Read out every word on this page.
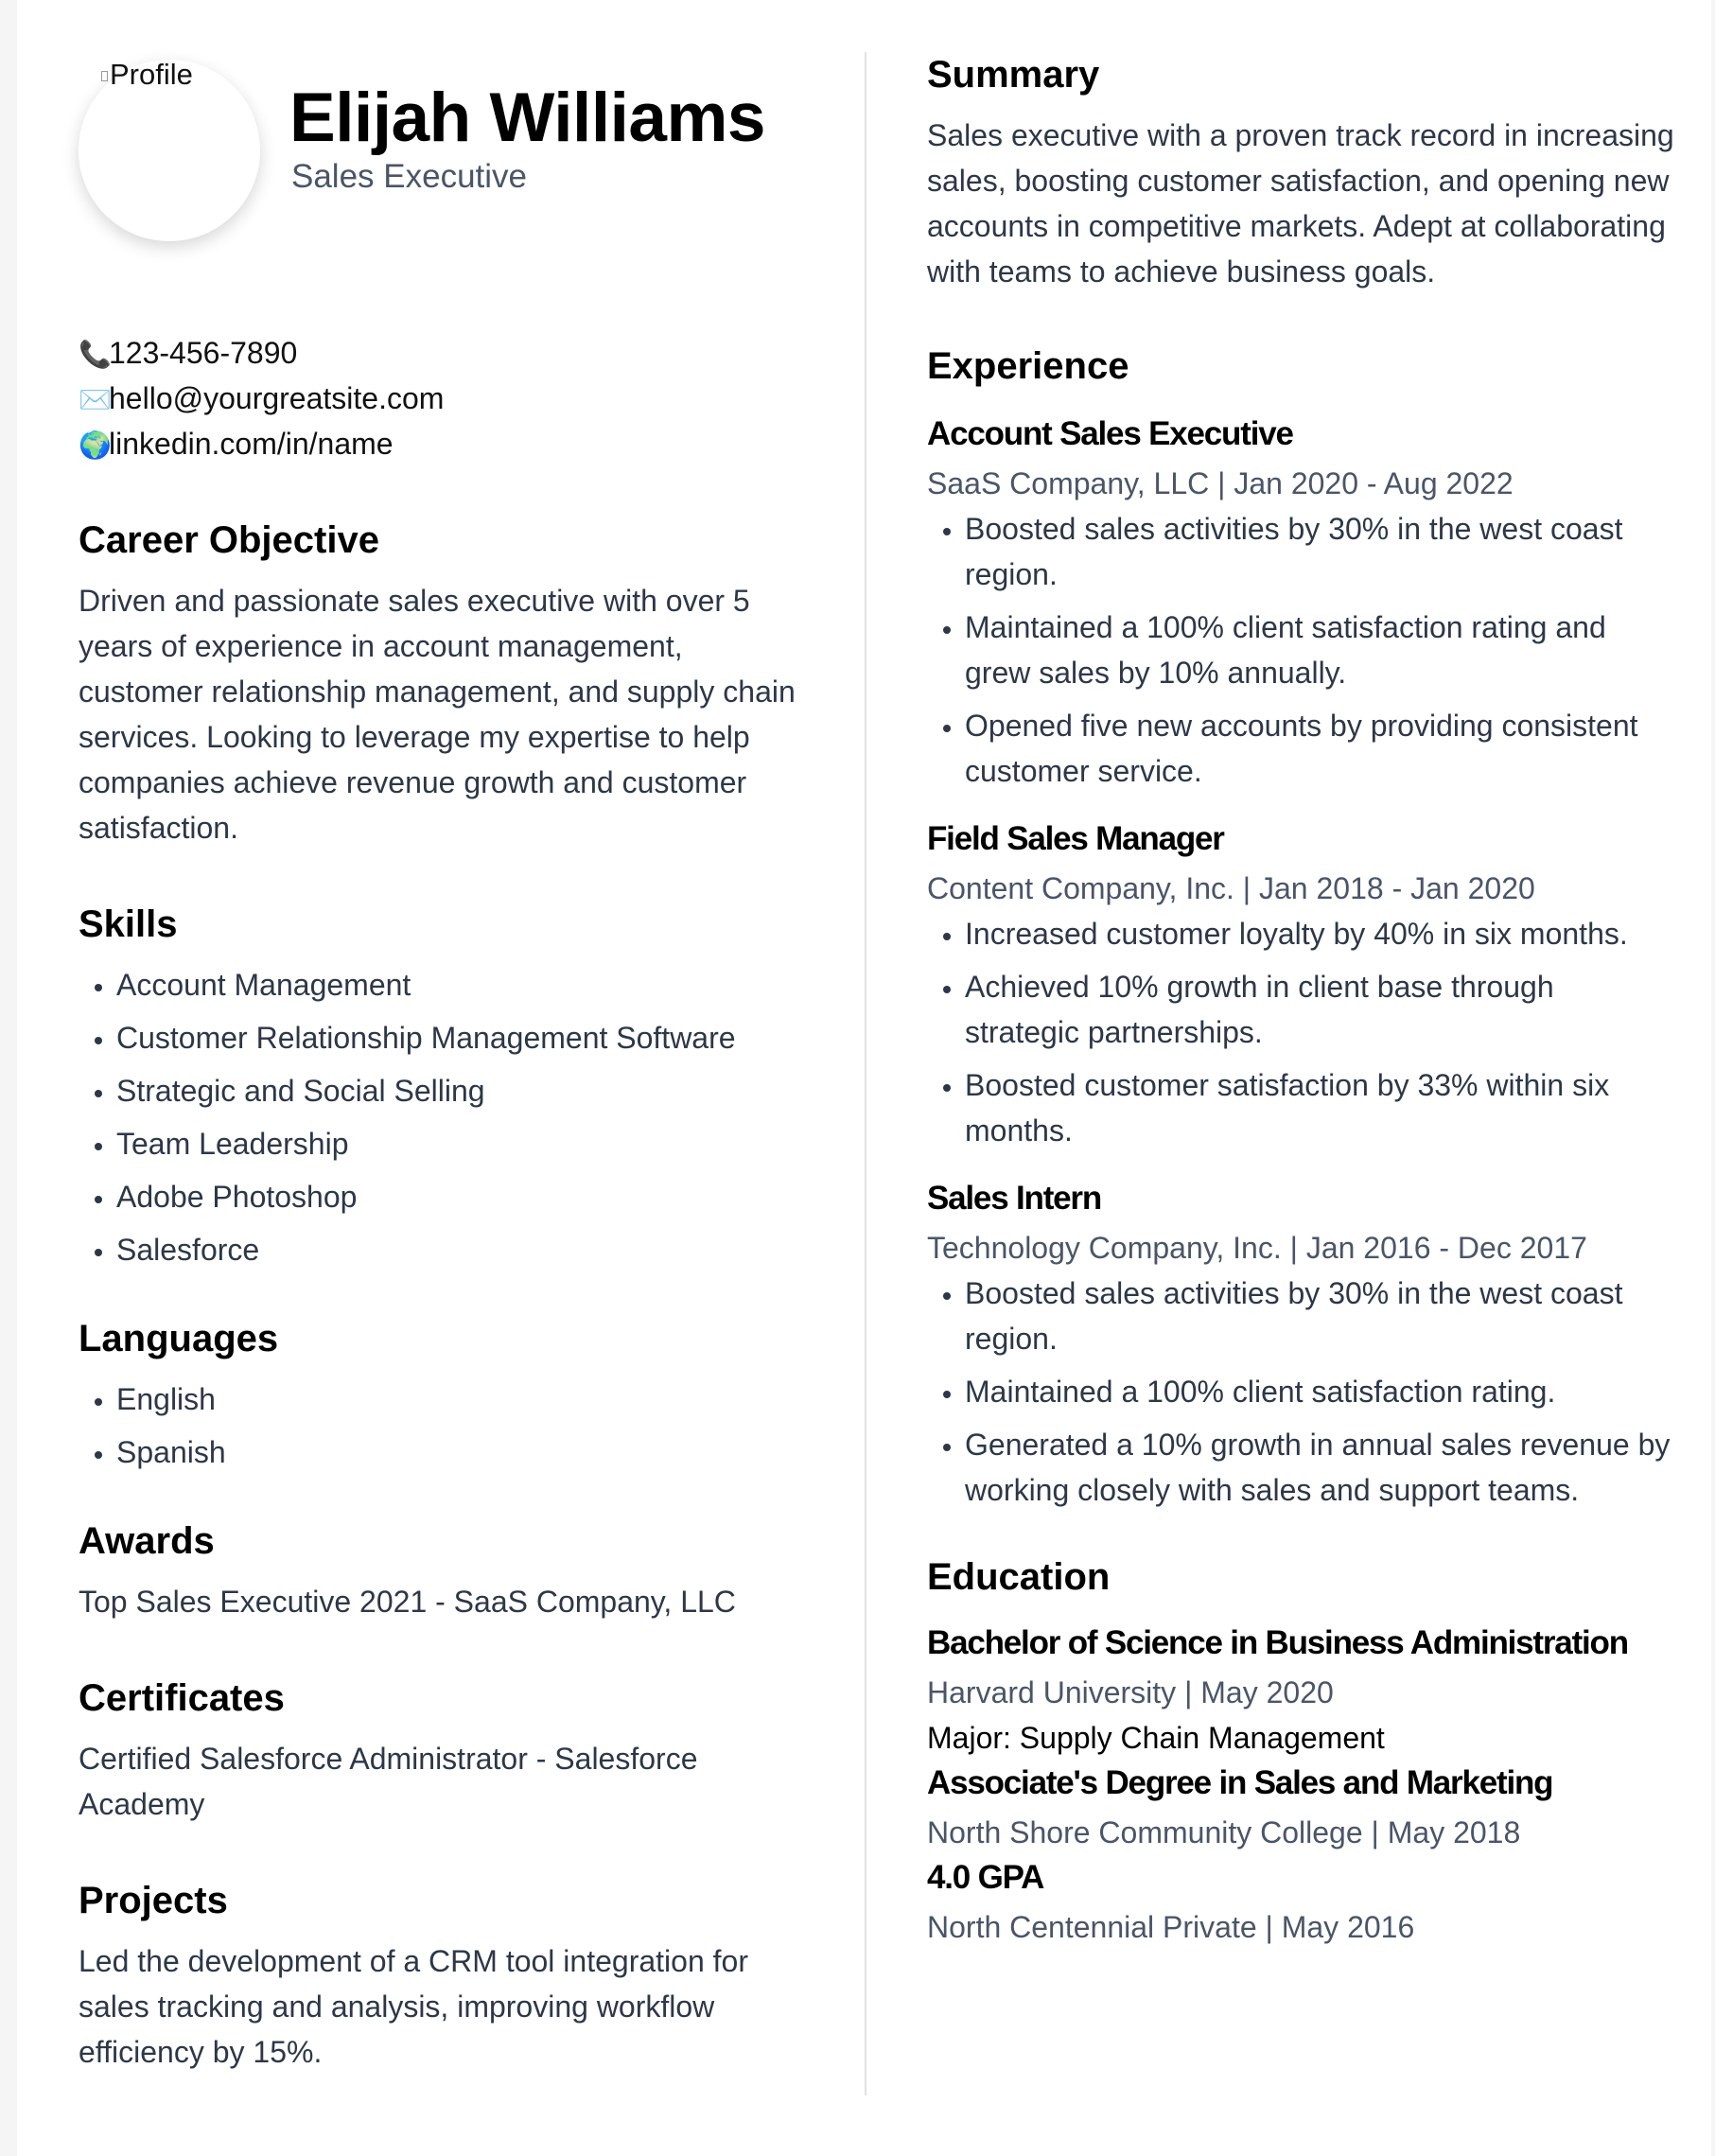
Profile
Elijah Williams
Sales Executive
📞123-456-7890
✉️hello@yourgreatsite.com
🌍linkedin.com/in/name
Career Objective
Driven and passionate sales executive with over 5 years of experience in account management, customer relationship management, and supply chain services. Looking to leverage my expertise to help companies achieve revenue growth and customer satisfaction.
Skills
• Account Management
• Customer Relationship Management Software
• Strategic and Social Selling
• Team Leadership
• Adobe Photoshop
• Salesforce
Languages
• English
• Spanish
Awards
Top Sales Executive 2021 - SaaS Company, LLC
Certificates
Certified Salesforce Administrator - Salesforce Academy
Projects
Led the development of a CRM tool integration for sales tracking and analysis, improving workflow efficiency by 15%.
Summary
Sales executive with a proven track record in increasing sales, boosting customer satisfaction, and opening new accounts in competitive markets. Adept at collaborating with teams to achieve business goals.
Experience
Account Sales Executive
SaaS Company, LLC | Jan 2020 - Aug 2022
• Boosted sales activities by 30% in the west coast region.
• Maintained a 100% client satisfaction rating and grew sales by 10% annually.
• Opened five new accounts by providing consistent customer service.
Field Sales Manager
Content Company, Inc. | Jan 2018 - Jan 2020
• Increased customer loyalty by 40% in six months.
• Achieved 10% growth in client base through strategic partnerships.
• Boosted customer satisfaction by 33% within six months.
Sales Intern
Technology Company, Inc. | Jan 2016 - Dec 2017
• Boosted sales activities by 30% in the west coast region.
• Maintained a 100% client satisfaction rating.
• Generated a 10% growth in annual sales revenue by working closely with sales and support teams.
Education
Bachelor of Science in Business Administration
Harvard University | May 2020
Major: Supply Chain Management
Associate's Degree in Sales and Marketing
North Shore Community College | May 2018
4.0 GPA
North Centennial Private | May 2016
